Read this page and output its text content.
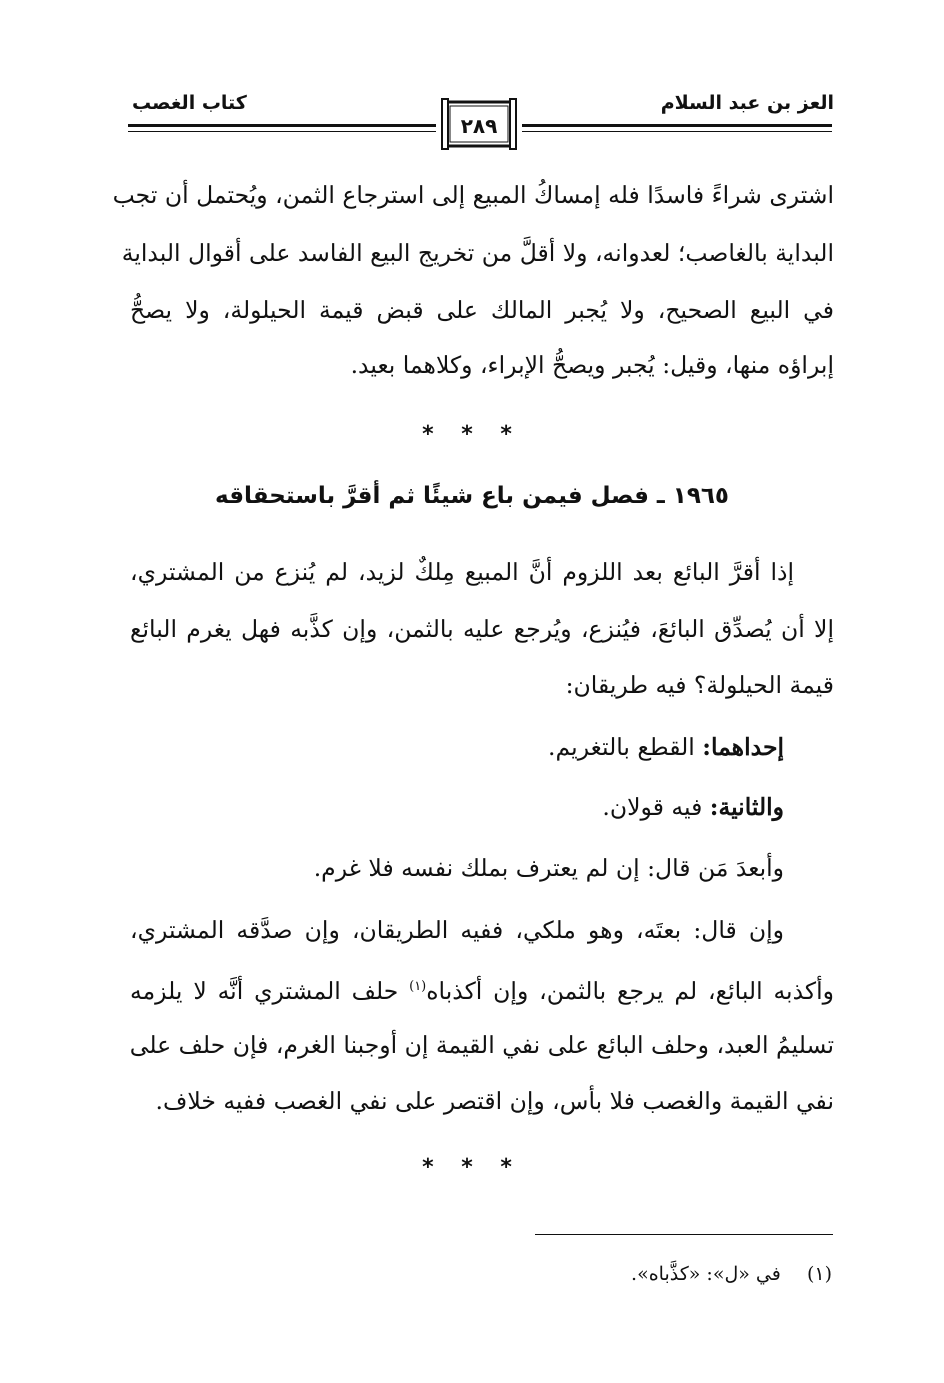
العز بن عبد السلام
كتاب الغصب
٢٨٩
اشترى شراءً فاسدًا فله إمساكُ المبيع إلى استرجاع الثمن، ويُحتمل أن تجب
البداية بالغاصب؛ لعدوانه، ولا أقلَّ من تخريج البيع الفاسد على أقوال البداية
في البيع الصحيح، ولا يُجبر المالك على قبض قيمة الحيلولة، ولا يصحُّ
إبراؤه منها، وقيل: يُجبر ويصحُّ الإبراء، وكلاهما بعيد.
* * *
١٩٦٥ ـ فصل فيمن باع شيئًا ثم أقرَّ باستحقاقه
إذا أقرَّ البائع بعد اللزوم أنَّ المبيع مِلكٌ لزيد، لم يُنزع من المشتري،
إلا أن يُصدِّق البائعَ، فيُنزع، ويُرجع عليه بالثمن، وإن كذَّبه فهل يغرم البائع
قيمة الحيلولة؟ فيه طريقان:
إحداهما: القطع بالتغريم.
والثانية: فيه قولان.
وأبعدَ مَن قال: إن لم يعترف بملك نفسه فلا غرم.
وإن قال: بعتَه، وهو ملكي، ففيه الطريقان، وإن صدَّقه المشتري،
وأكذبه البائع، لم يرجع بالثمن، وإن أكذباه$^{(١)}$ حلف المشتري أنَّه لا يلزمه
تسليمُ العبد، وحلف البائع على نفي القيمة إن أوجبنا الغرم، فإن حلف على
نفي القيمة والغصب فلا بأس، وإن اقتصر على نفي الغصب ففيه خلاف.
* * *
(١)  في «ل»: «كذَّباه».
